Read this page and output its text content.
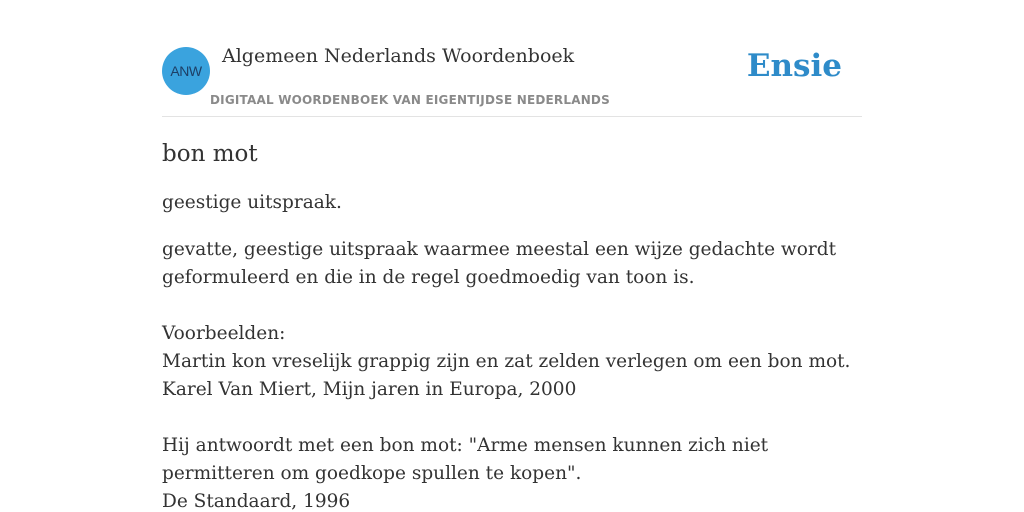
ANW
Algemeen Nederlands Woordenboek
DIGITAAL WOORDENBOEK VAN EIGENTIJDSE NEDERLANDS
Ensie
bon mot

geestige uitspraak.

gevatte, geestige uitspraak waarmee meestal een wijze gedachte wordt geformuleerd en die in de regel goedmoedig van toon is.

Voorbeelden:
Martin kon vreselijk grappig zijn en zat zelden verlegen om een bon mot.
Karel Van Miert, Mijn jaren in Europa, 2000
Hij antwoordt met een bon mot: "Arme mensen kunnen zich niet permitteren om goedkope spullen te kopen".
De Standaard, 1996
